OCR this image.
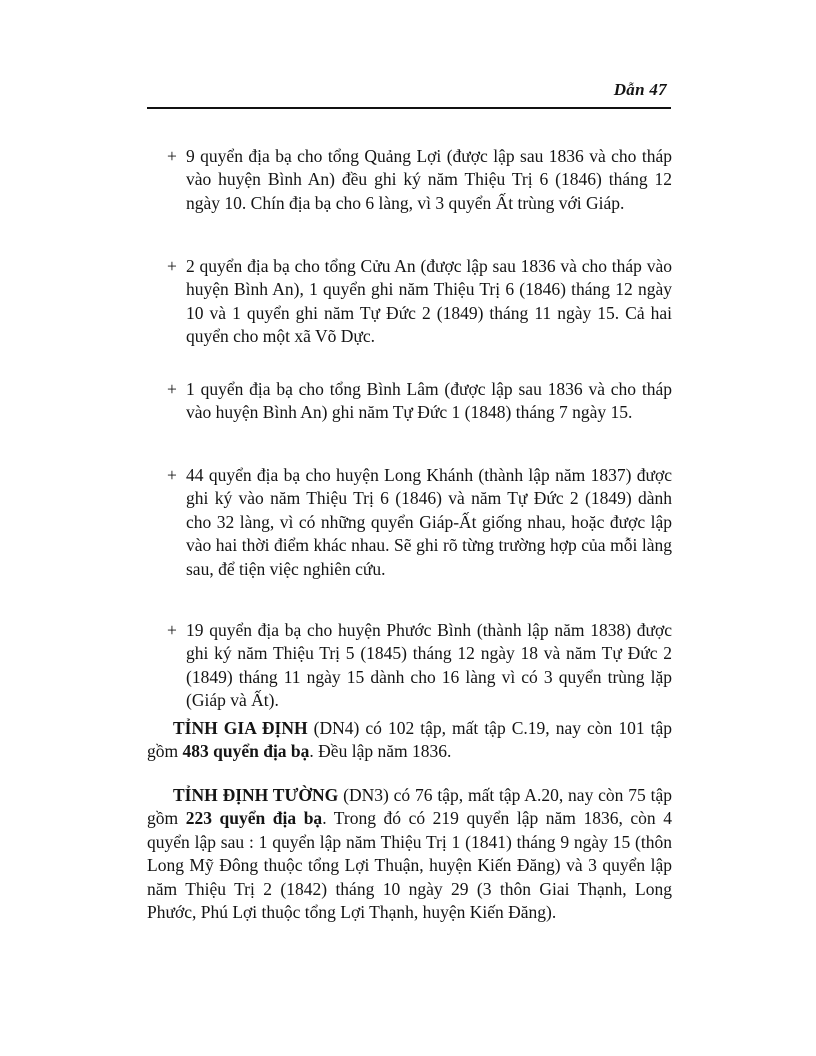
Dẫn 47
+ 9 quyển địa bạ cho tổng Quảng Lợi (được lập sau 1836 và cho tháp vào huyện Bình An) đều ghi ký năm Thiệu Trị 6 (1846) tháng 12 ngày 10. Chín địa bạ cho 6 làng, vì 3 quyển Ất trùng với Giáp.
+ 2 quyển địa bạ cho tổng Cửu An (được lập sau 1836 và cho tháp vào huyện Bình An), 1 quyển ghi năm Thiệu Trị 6 (1846) tháng 12 ngày 10 và 1 quyển ghi năm Tự Đức 2 (1849) tháng 11 ngày 15. Cả hai quyển cho một xã Võ Dực.
+ 1 quyển địa bạ cho tổng Bình Lâm (được lập sau 1836 và cho tháp vào huyện Bình An) ghi năm Tự Đức 1 (1848) tháng 7 ngày 15.
+ 44 quyển địa bạ cho huyện Long Khánh (thành lập năm 1837) được ghi ký vào năm Thiệu Trị 6 (1846) và năm Tự Đức 2 (1849) dành cho 32 làng, vì có những quyển Giáp-Ất giống nhau, hoặc được lập vào hai thời điểm khác nhau. Sẽ ghi rõ từng trường hợp của mỗi làng sau, để tiện việc nghiên cứu.
+ 19 quyển địa bạ cho huyện Phước Bình (thành lập năm 1838) được ghi ký năm Thiệu Trị 5 (1845) tháng 12 ngày 18 và năm Tự Đức 2 (1849) tháng 11 ngày 15 dành cho 16 làng vì có 3 quyển trùng lặp (Giáp và Ất).
TỈNH GIA ĐỊNH (DN4) có 102 tập, mất tập C.19, nay còn 101 tập gồm 483 quyển địa bạ. Đều lập năm 1836.
TỈNH ĐỊNH TƯỜNG (DN3) có 76 tập, mất tập A.20, nay còn 75 tập gồm 223 quyển địa bạ. Trong đó có 219 quyển lập năm 1836, còn 4 quyển lập sau : 1 quyển lập năm Thiệu Trị 1 (1841) tháng 9 ngày 15 (thôn Long Mỹ Đông thuộc tổng Lợi Thuận, huyện Kiến Đăng) và 3 quyển lập năm Thiệu Trị 2 (1842) tháng 10 ngày 29 (3 thôn Giai Thạnh, Long Phước, Phú Lợi thuộc tổng Lợi Thạnh, huyện Kiến Đăng).
